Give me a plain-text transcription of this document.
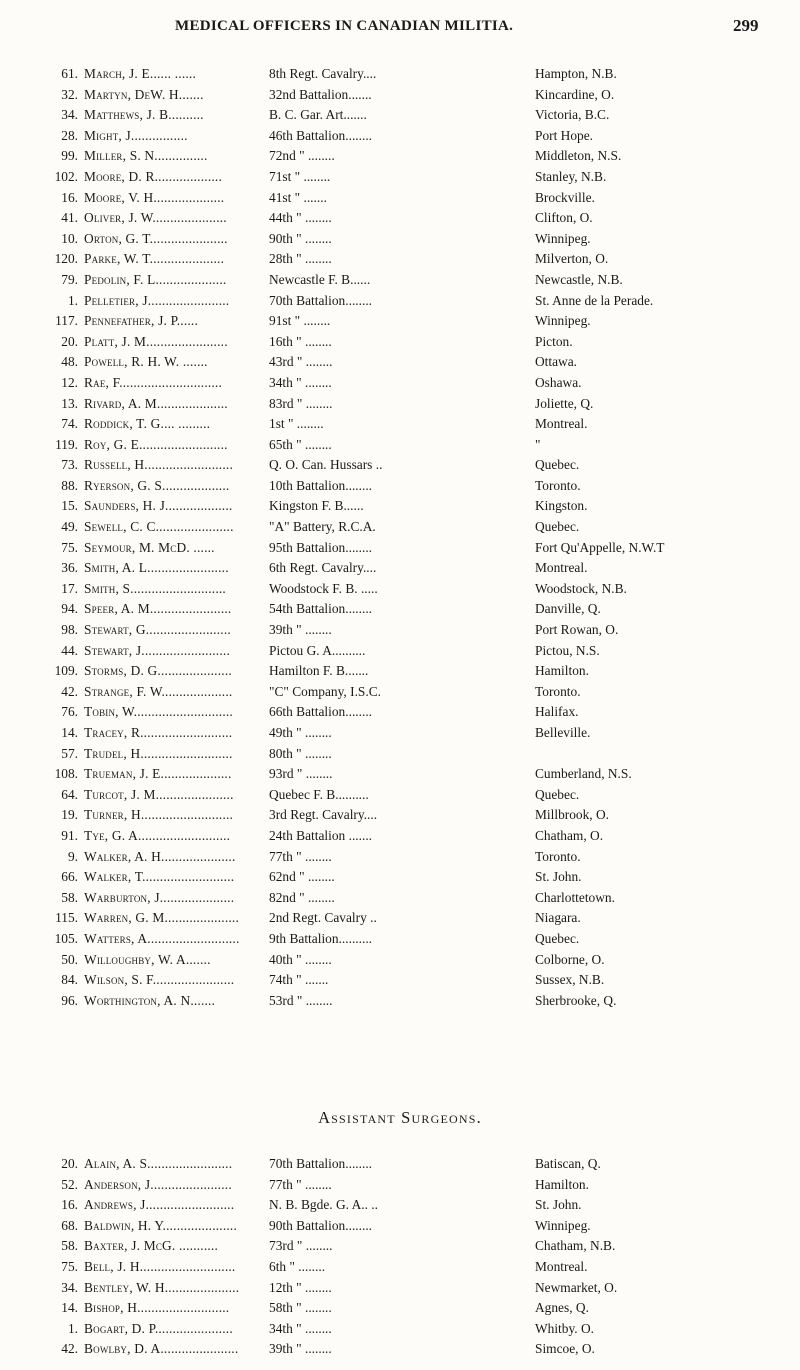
MEDICAL OFFICERS IN CANADIAN MILITIA.	299
61. March, J. E...... ......	8th Regt. Cavalry....	Hampton, N.B.
32. Martyn, DeW. H.......	32nd Battalion.......	Kincardine, O.
34. Matthews, J. B..........	B. C. Gar. Art.......	Victoria, B.C.
28. Might, J................	46th Battalion........	Port Hope.
99. Miller, S. N...............	72nd " ........	Middleton, N.S.
102. Moore, D. R...................	71st " ........	Stanley, N.B.
16. Moore, V. H....................	41st " .......	Brockville.
41. Oliver, J. W.....................	44th " ........	Clifton, O.
10. Orton, G. T......................	90th " ........	Winnipeg.
120. Parke, W. T.....................	28th " ........	Milverton, O.
79. Pedolin, F. L....................	Newcastle F. B......	Newcastle, N.B.
1. Pelletier, J.......................	70th Battalion........	St. Anne de la Perade.
117. Pennefather, J. P......	91st " ........	Winnipeg.
20. Platt, J. M.......................	16th " ........	Picton.
48. Powell, R. H. W. .......	43rd " ........	Ottawa.
12. Rae, F.............................	34th " ........	Oshawa.
13. Rivard, A. M....................	83rd " ........	Joliette, Q.
74. Roddick, T. G.... .........	1st " ........	Montreal.
119. Roy, G. E.........................	65th " ........	"
73. Russell, H.........................	Q. O. Can. Hussars ..	Quebec.
88. Ryerson, G. S...................	10th Battalion........	Toronto.
15. Saunders, H. J...................	Kingston F. B......	Kingston.
49. Sewell, C. C......................	"A" Battery, R.C.A.	Quebec.
75. Seymour, M. McD. ......	95th Battalion........	Fort Qu'Appelle, N.W.T
36. Smith, A. L.......................	6th Regt. Cavalry....	Montreal.
17. Smith, S...........................	Woodstock F. B. .....	Woodstock, N.B.
94. Speer, A. M.......................	54th Battalion........	Danville, Q.
98. Stewart, G........................	39th " ........	Port Rowan, O.
44. Stewart, J.........................	Pictou G. A..........	Pictou, N.S.
109. Storms, D. G.....................	Hamilton F. B.......	Hamilton.
42. Strange, F. W....................	"C" Company, I.S.C.	Toronto.
76. Tobin, W............................	66th Battalion........	Halifax.
14. Tracey, R..........................	49th " ........	Belleville.
57. Trudel, H..........................	80th " ........
108. Trueman, J. E....................	93rd " ........	Cumberland, N.S.
64. Turcot, J. M......................	Quebec F. B..........	Quebec.
19. Turner, H..........................	3rd Regt. Cavalry....	Millbrook, O.
91. Tye, G. A..........................	24th Battalion .......	Chatham, O.
9. Walker, A. H..................... 77th " ........	Toronto.
66. Walker, T..........................	62nd " ........	St. John.
58. Warburton, J.....................	82nd " ........	Charlottetown.
115. Warren, G. M..................... 2nd Regt. Cavalry ..	Niagara.
105. Watters, A.......................... 9th Battalion..........	Quebec.
50. Willoughby, W. A.......	40th " ........	Colborne, O.
84. Wilson, S. F.......................	74th " .......	Sussex, N.B.
96. Worthington, A. N.......	53rd " ........	Sherbrooke, Q.
Assistant Surgeons.
20. Alain, A. S........................	70th Battalion........	Batiscan, Q.
52. Anderson, J.......................	77th " ........	Hamilton.
16. Andrews, J.........................	N. B. Bgde. G. A.. ..	St. John.
68. Baldwin, H. Y..................... 90th Battalion........	Winnipeg.
58. Baxter, J. McG. ...........	73rd " ........	Chatham, N.B.
75. Bell, J. H...........................	6th " ........	Montreal.
34. Bentley, W. H..................... 12th " ........	Newmarket, O.
14. Bishop, H..........................	58th " ........	Agnes, Q.
1. Bogart, D. P......................	34th " ........	Whitby. O.
42. Bowlby, D. A...................... 39th " ........	Simcoe, O.
